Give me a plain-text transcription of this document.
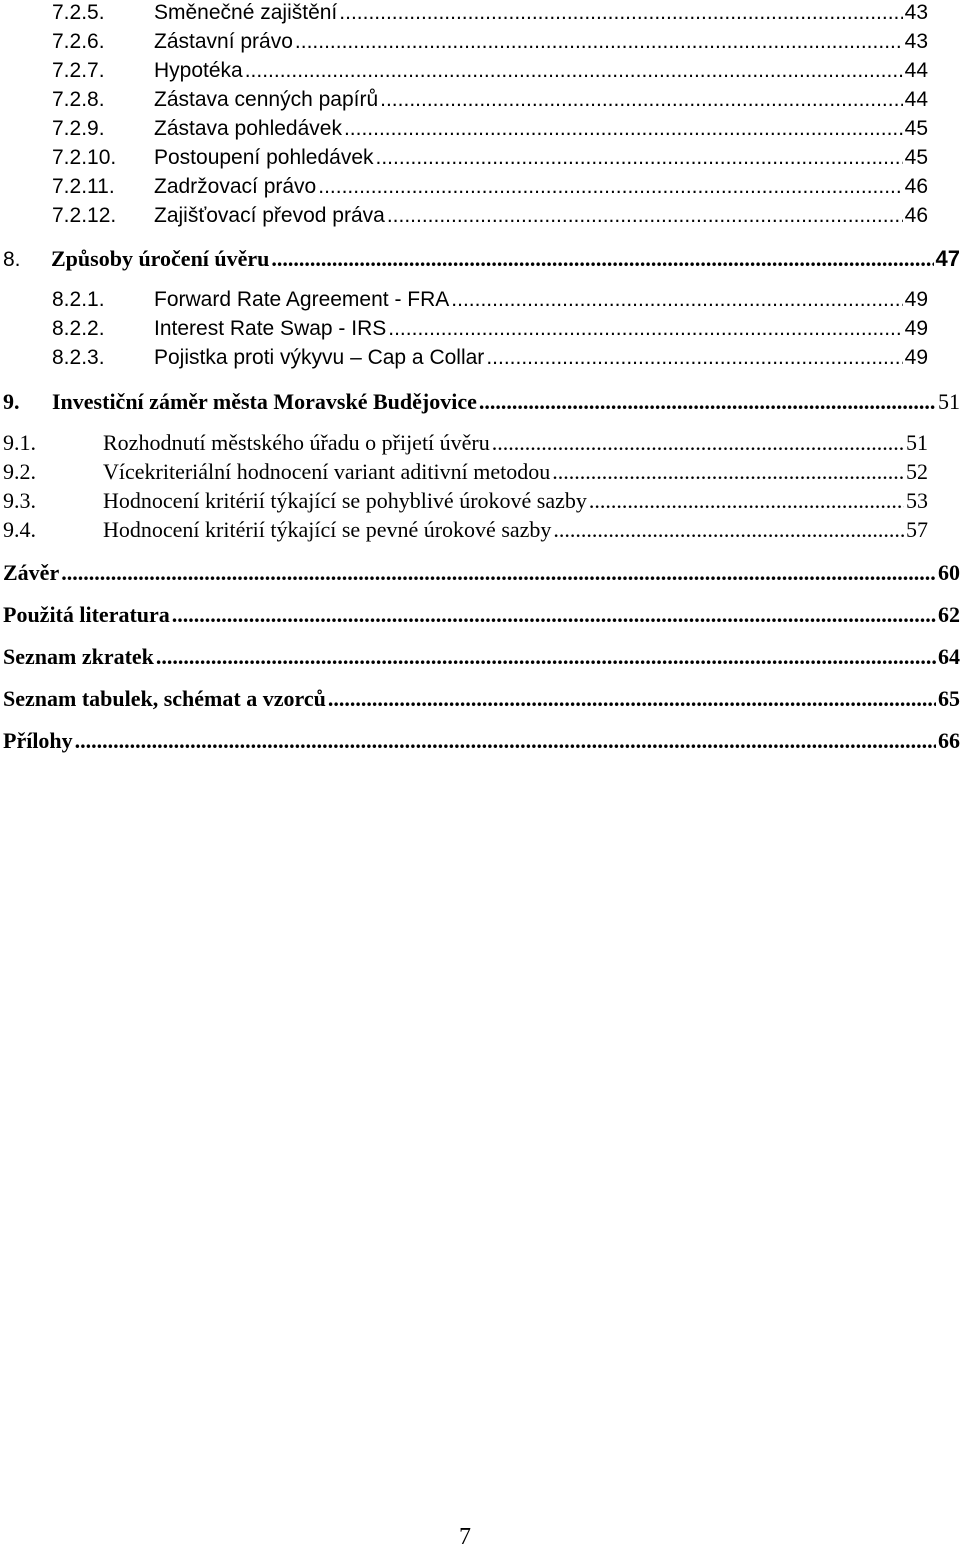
7.2.5.	Směnečné zajištění .....	43
7.2.6.	Zástavní právo .....	43
7.2.7.	Hypotéka .....	44
7.2.8.	Zástava cenných papírů .....	44
7.2.9.	Zástava pohledávek .....	45
7.2.10.	Postoupení pohledávek .....	45
7.2.11.	Zadržovací právo .....	46
7.2.12.	Zajišťovací převod práva .....	46
8.	Způsoby úročení úvěru .....	47
8.2.1.	Forward Rate Agreement - FRA .....	49
8.2.2.	Interest Rate Swap - IRS .....	49
8.2.3.	Pojistka proti výkyvu – Cap a Collar .....	49
9.	Investiční záměr města Moravské Budějovice .....	51
9.1.	Rozhodnutí městského úřadu o přijetí úvěru .....	51
9.2.	Vícekriteriální hodnocení variant aditivní metodou .....	52
9.3.	Hodnocení kritérií týkající se pohyblivé úrokové sazby .....	53
9.4.	Hodnocení kritérií týkající se pevné úrokové sazby .....	57
Závěr .....	60
Použitá literatura .....	62
Seznam zkratek .....	64
Seznam tabulek, schémat a vzorců .....	65
Přílohy .....	66
7
